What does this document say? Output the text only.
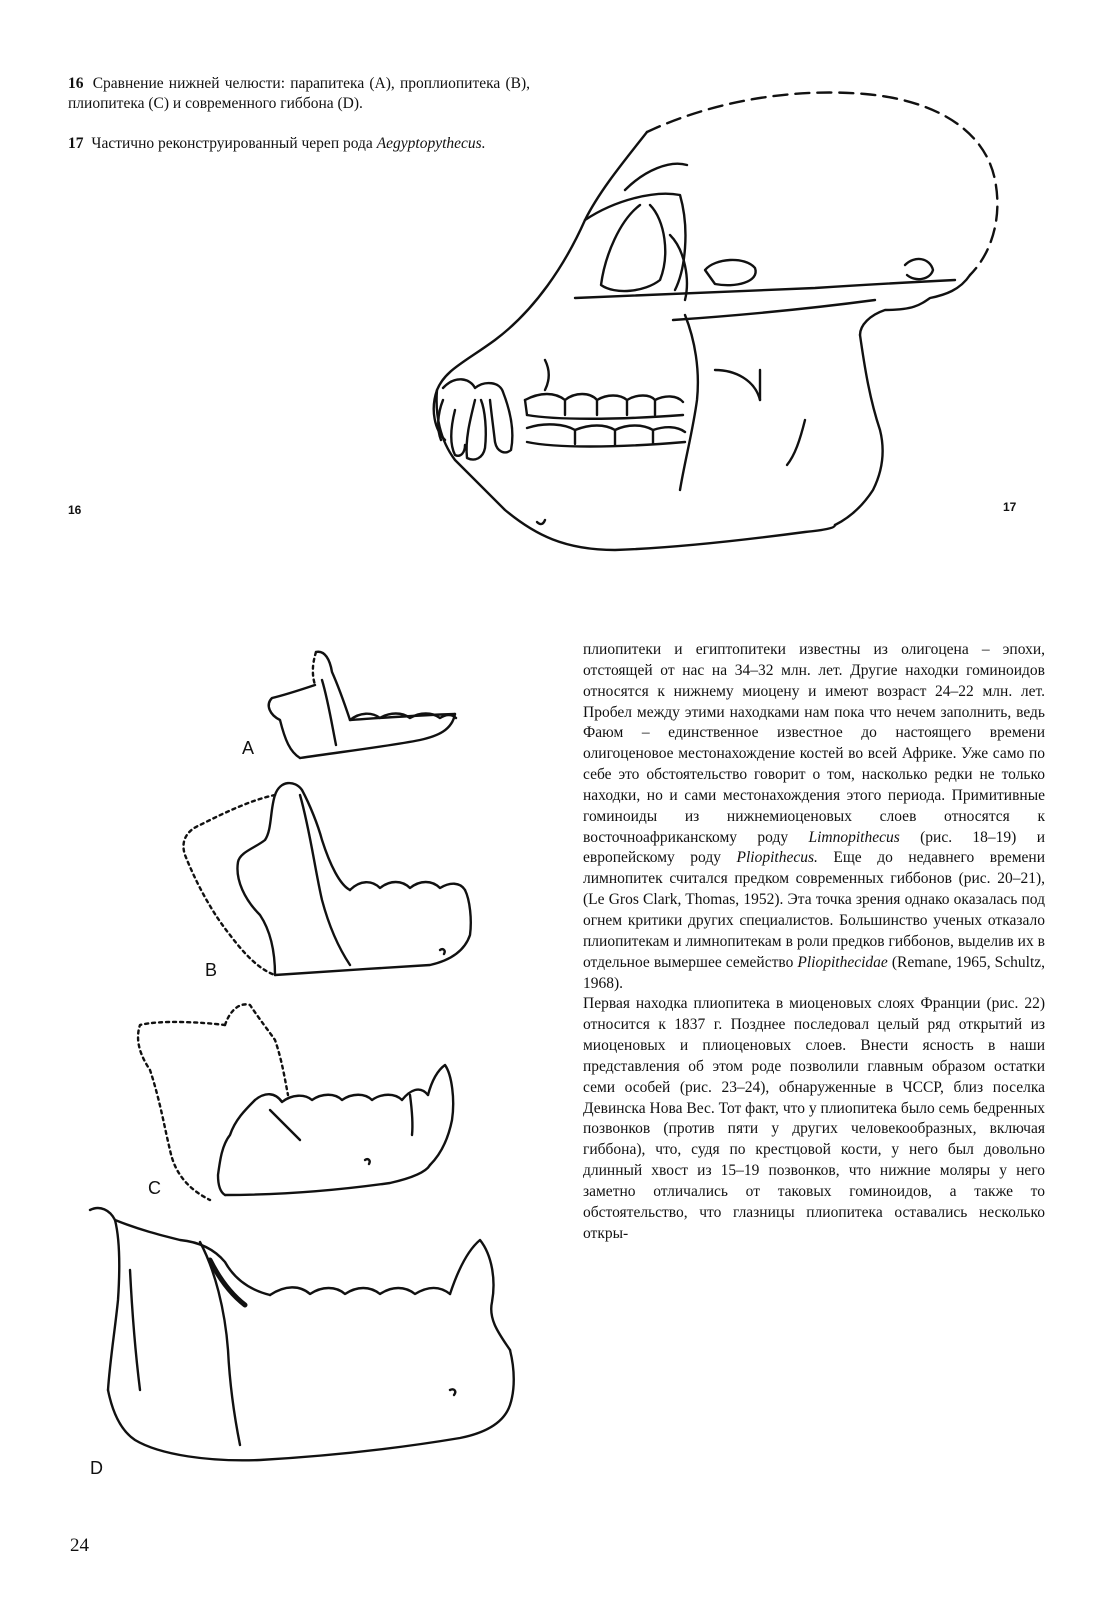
16 Сравнение нижней челюсти: парапитека (А), проплиопитека (В), плиопитека (С) и современного гиббона (D).

17 Частично реконструированный череп рода Aegyptopythecus.

16	17
A
B
C
D

плиопитеки и египтопитеки известны из олигоцена – эпохи, отстоящей от нас на 34–32 млн. лет. Другие находки гоминоидов относятся к нижнему миоцену и имеют возраст 24–22 млн. лет. Пробел между этими находками нам пока что нечем заполнить, ведь Фаюм – единственное известное до настоящего времени олигоценовое местонахождение костей во всей Африке. Уже само по себе это обстоятельство говорит о том, насколько редки не только находки, но и сами местонахождения этого периода. Примитивные гоминоиды из нижнемиоценовых слоев относятся к восточноафриканскому роду Limnopithecus (рис. 18–19) и европейскому роду Pliopithecus. Еще до недавнего времени лимнопитек считался предком современных гиббонов (рис. 20–21), (Le Gros Clark, Thomas, 1952). Эта точка зрения однако оказалась под огнем критики других специалистов. Большинство ученых отказало плиопитекам и лимнопитекам в роли предков гиббонов, выделив их в отдельное вымершее семейство Pliopithecidae (Remane, 1965, Schultz, 1968).

Первая находка плиопитека в миоценовых слоях Франции (рис. 22) относится к 1837 г. Позднее последовал целый ряд открытий из миоценовых и плиоценовых слоев. Внести ясность в наши представления об этом роде позволили главным образом остатки семи особей (рис. 23–24), обнаруженные в ЧССР, близ поселка Девинска Нова Вес. Тот факт, что у плиопитека было семь бедренных позвонков (против пяти у других человекообразных, включая гиббона), что, судя по крестцовой кости, у него был довольно длинный хвост из 15–19 позвонков, что нижние моляры у него заметно отличались от таковых гоминоидов, а также то обстоятельство, что глазницы плиопитека оставались несколько откры-

24
